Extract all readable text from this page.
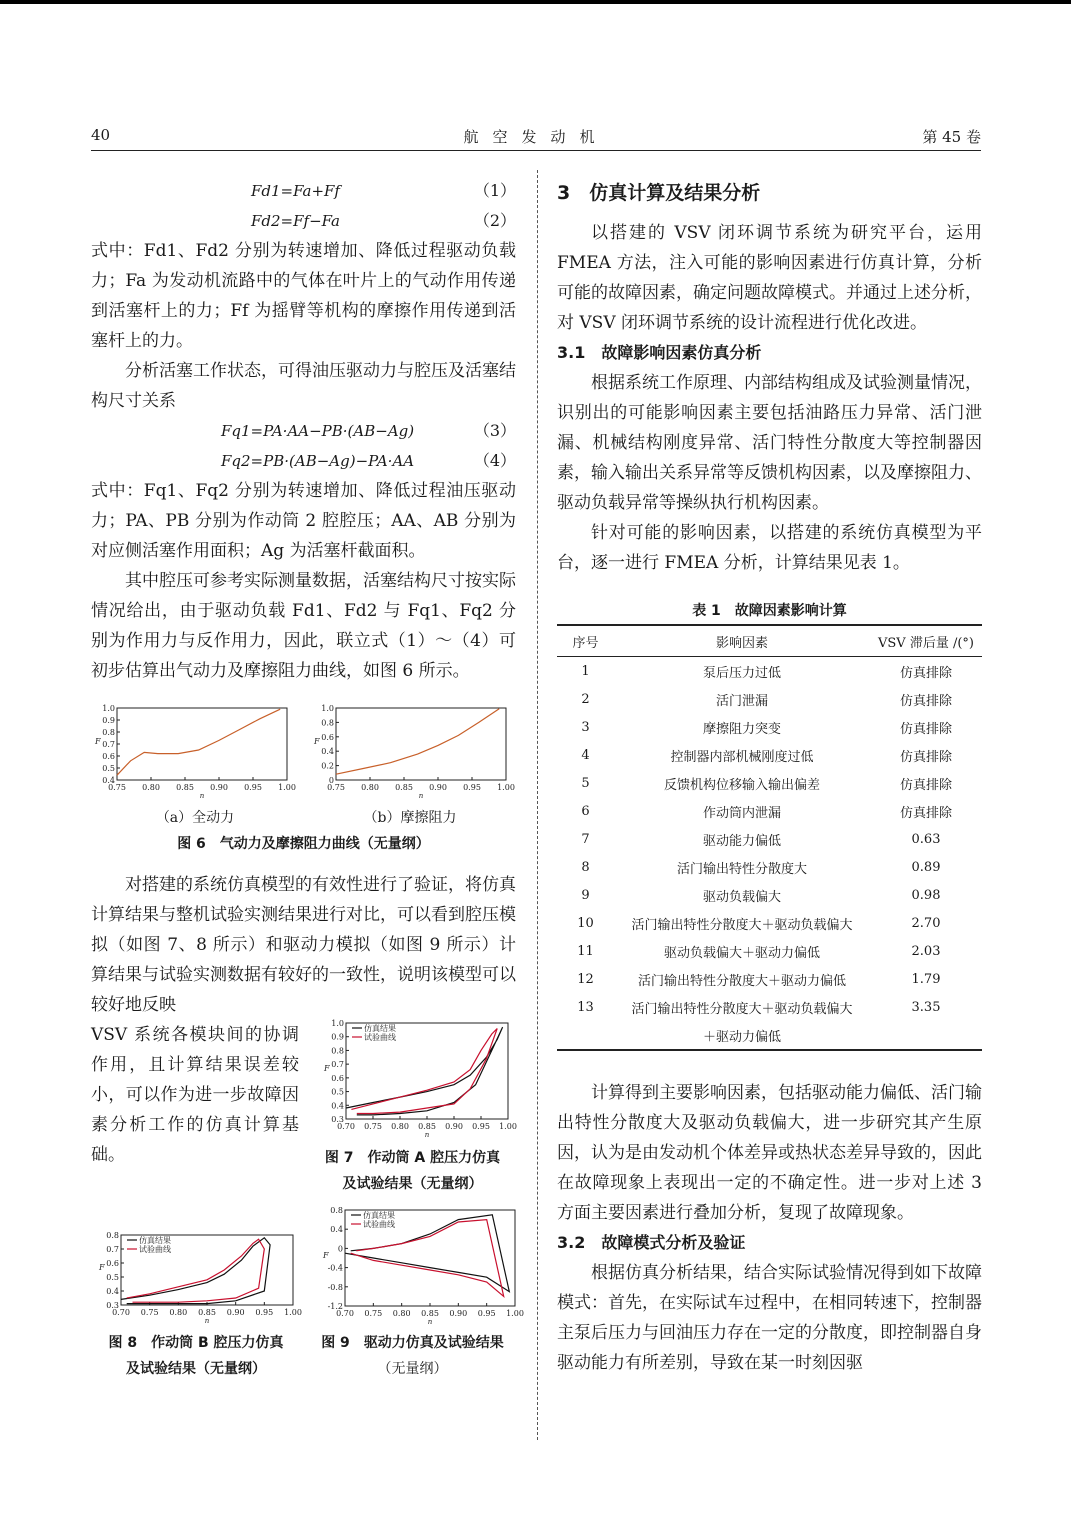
40	航空发动机	第 45 卷
Fd1=Fa+Ff	（1）
Fd2=Ff−Fa	（2）

式中：Fd1、Fd2 分别为转速增加、降低过程驱动负载力；Fa 为发动机流路中的气体在叶片上的气动作用传递到活塞杆上的力；Ff 为摇臂等机构的摩擦作用传递到活塞杆上的力。

分析活塞工作状态，可得油压驱动力与腔压及活塞结构尺寸关系

Fq1=PA·AA−PB·(AB−Ag)	（3）
Fq2=PB·(AB−Ag)−PA·AA	（4）

式中：Fq1、Fq2 分别为转速增加、降低过程油压驱动力；PA、PB 分别为作动筒 2 腔腔压；AA、AB 分别为对应侧活塞作用面积；Ag 为活塞杆截面积。

其中腔压可参考实际测量数据，活塞结构尺寸按实际情况给出，由于驱动负载 Fd1、Fd2 与 Fq1、Fq2 分别为作用力与反作用力，因此，联立式（1）～（4）可初步估算出气动力及摩擦阻力曲线，如图 6 所示。

0.75 0.80 0.85 0.90 0.95 1.00
0.4
0.5
0.6
0.7
0.8
0.9
1.0
n
F
0.75 0.80 0.85 0.90 0.95 1.00
0
0.2
0.4
0.6
0.8
1.0
n
F
（a）全动力	（b）摩擦阻力
图 6　 气动力及摩擦阻力曲线（无量纲）

对搭建的系统仿真模型的有效性进行了验证，将仿真计算结果与整机试验实测结果进行对比，可以看到腔压模拟（如图 7、8 所示）和驱动力模拟（如图 9 所示）计算结果与试验实测数据有较好的一致性，说明该模型可以较好地反映

VSV 系统各模块间的协调作用，且计算结果误差较小，可以作为进一步故障因素分析工作的仿真计算基础。

0.70 0.75 0.80 0.85 0.90 0.95 1.00
0.3
0.4
0.5
0.6
0.7
0.8
0.9
1.0
n
F
仿真结果
试验曲线
图 7　 作动筒 A 腔压力仿真
及试验结果（无量纲）
0.70 0.75 0.80 0.85 0.90 0.95 1.00
0.3
0.4
0.5
0.6
0.7
0.8
n
F
仿真结果
试验曲线
图 8　 作动筒 B 腔压力仿真
及试验结果（无量纲）
0.70 0.75 0.80 0.85 0.90 0.95 1.00
-1.2
-0.8
-0.4
0
0.4
0.8
n
F
仿真结果
试验曲线
图 9　 驱动力仿真及试验结果
（无量纲）

3　仿真计算及结果分析

以搭建的 VSV 闭环调节系统为研究平台，运用 FMEA 方法，注入可能的影响因素进行仿真计算，分析可能的故障因素，确定问题故障模式。并通过上述分析，对 VSV 闭环调节系统的设计流程进行优化改进。

3.1　故障影响因素仿真分析

根据系统工作原理、内部结构组成及试验测量情况，识别出的可能影响因素主要包括油路压力异常、活门泄漏、机械结构刚度异常、活门特性分散度大等控制器因素，输入输出关系异常等反馈机构因素，以及摩擦阻力、驱动负载异常等操纵执行机构因素。

针对可能的影响因素，以搭建的系统仿真模型为平台，逐一进行 FMEA 分析，计算结果见表 1。

表 1　故障因素影响计算
序号	影响因素	VSV 滞后量 /(°)
1	泵后压力过低	仿真排除
2	活门泄漏	仿真排除
3	摩擦阻力突变	仿真排除
4	控制器内部机械刚度过低	仿真排除
5	反馈机构位移输入输出偏差	仿真排除
6	作动筒内泄漏	仿真排除
7	驱动能力偏低	0.63
8	活门输出特性分散度大	0.89
9	驱动负载偏大	0.98
10	活门输出特性分散度大＋驱动负载偏大	2.70
11	驱动负载偏大＋驱动力偏低	2.03
12	活门输出特性分散度大＋驱动力偏低	1.79
13	活门输出特性分散度大＋驱动负载偏大	3.35
	＋驱动力偏低	

计算得到主要影响因素，包括驱动能力偏低、活门输出特性分散度大及驱动负载偏大，进一步研究其产生原因，认为是由发动机个体差异或热状态差异导致的，因此在故障现象上表现出一定的不确定性。进一步对上述 3 方面主要因素进行叠加分析，复现了故障现象。

3.2　故障模式分析及验证

根据仿真分析结果，结合实际试验情况得到如下故障模式：首先，在实际试车过程中，在相同转速下，控制器主泵后压力与回油压力存在一定的分散度，即控制器自身驱动能力有所差别，导致在某一时刻因驱
